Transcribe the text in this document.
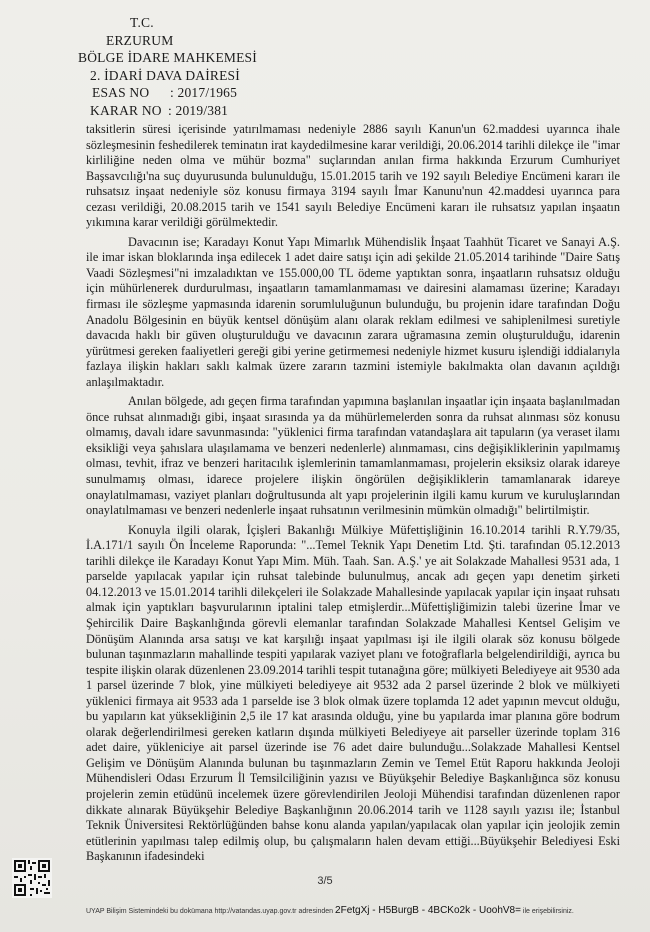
T.C.
ERZURUM
BÖLGE İDARE MAHKEMESİ
2. İDARİ DAVA DAİRESİ
ESAS NO : 2017/1965
KARAR NO : 2019/381

taksitlerin süresi içerisinde yatırılmaması nedeniyle 2886 sayılı Kanun'un 62.maddesi uyarınca ihale sözleşmesinin feshedilerek teminatın irat kaydedilmesine karar verildiği, 20.06.2014 tarihli dilekçe ile "imar kirliliğine neden olma ve mühür bozma" suçlarından anılan firma hakkında Erzurum Cumhuriyet Başsavcılığı'na suç duyurusunda bulunulduğu, 15.01.2015 tarih ve 192 sayılı Belediye Encümeni kararı ile ruhsatsız inşaat nedeniyle söz konusu firmaya 3194 sayılı İmar Kanunu'nun 42.maddesi uyarınca para cezası verildiği, 20.08.2015 tarih ve 1541 sayılı Belediye Encümeni kararı ile ruhsatsız yapılan inşaatın yıkımına karar verildiği görülmektedir.

Davacının ise; Karadayı Konut Yapı Mimarlık Mühendislik İnşaat Taahhüt Ticaret ve Sanayi A.Ş. ile imar iskan bloklarında inşa edilecek 1 adet daire satışı için adi şekilde 21.05.2014 tarihinde "Daire Satış Vaadi Sözleşmesi"ni imzaladıktan ve 155.000,00 TL ödeme yaptıktan sonra, inşaatların ruhsatsız olduğu için mühürlenerek durdurulması, inşaatların tamamlanmaması ve dairesini alamaması üzerine; Karadayı firması ile sözleşme yapmasında idarenin sorumluluğunun bulunduğu, bu projenin idare tarafından Doğu Anadolu Bölgesinin en büyük kentsel dönüşüm alanı olarak reklam edilmesi ve sahiplenilmesi suretiyle davacıda haklı bir güven oluşturulduğu ve davacının zarara uğramasına zemin oluşturulduğu, idarenin yürütmesi gereken faaliyetleri gereği gibi yerine getirmemesi nedeniyle hizmet kusuru işlendiği iddialarıyla fazlaya ilişkin hakları saklı kalmak üzere zararın tazmini istemiyle bakılmakta olan davanın açıldığı anlaşılmaktadır.

Anılan bölgede, adı geçen firma tarafından yapımına başlanılan inşaatlar için inşaata başlanılmadan önce ruhsat alınmadığı gibi, inşaat sırasında ya da mühürlemelerden sonra da ruhsat alınması söz konusu olmamış, davalı idare savunmasında: "yüklenici firma tarafından vatandaşlara ait tapuların (ya veraset ilamı eksikliği veya şahıslara ulaşılamama ve benzeri nedenlerle) alınmaması, cins değişikliklerinin yapılmamış olması, tevhit, ifraz ve benzeri haritacılık işlemlerinin tamamlanmaması, projelerin eksiksiz olarak idareye sunulmamış olması, idarece projelere ilişkin öngörülen değişikliklerin tamamlanarak idareye onaylatılmaması, vaziyet planları doğrultusunda alt yapı projelerinin ilgili kamu kurum ve kuruluşlarından onaylatılmaması ve benzeri nedenlerle inşaat ruhsatının verilmesinin mümkün olmadığı" belirtilmiştir.

Konuyla ilgili olarak, İçişleri Bakanlığı Mülkiye Müfettişliğinin 16.10.2014 tarihli R.Y.79/35, İ.A.171/1 sayılı Ön İnceleme Raporunda: "...Temel Teknik Yapı Denetim Ltd. Şti. tarafından 05.12.2013 tarihli dilekçe ile Karadayı Konut Yapı Mim. Müh. Taah. San. A.Ş.' ye ait Solakzade Mahallesi 9531 ada, 1 parselde yapılacak yapılar için ruhsat talebinde bulunulmuş, ancak adı geçen yapı denetim şirketi 04.12.2013 ve 15.01.2014 tarihli dilekçeleri ile Solakzade Mahallesinde yapılacak yapılar için inşaat ruhsatı almak için yaptıkları başvurularının iptalini talep etmişlerdir...Müfettişliğimizin talebi üzerine İmar ve Şehircilik Daire Başkanlığında görevli elemanlar tarafından Solakzade Mahallesi Kentsel Gelişim ve Dönüşüm Alanında arsa satışı ve kat karşılığı inşaat yapılması işi ile ilgili olarak söz konusu bölgede bulunan taşınmazların mahallinde tespiti yapılarak vaziyet planı ve fotoğraflarla belgelendirildiği, ayrıca bu tespite ilişkin olarak düzenlenen 23.09.2014 tarihli tespit tutanağına göre; mülkiyeti Belediyeye ait 9530 ada 1 parsel üzerinde 7 blok, yine mülkiyeti belediyeye ait 9532 ada 2 parsel üzerinde 2 blok ve mülkiyeti yüklenici firmaya ait 9533 ada 1 parselde ise 3 blok olmak üzere toplamda 12 adet yapının mevcut olduğu, bu yapıların kat yüksekliğinin 2,5 ile 17 kat arasında olduğu, yine bu yapılarda imar planına göre bodrum olarak değerlendirilmesi gereken katların dışında mülkiyeti Belediyeye ait parseller üzerinde toplam 316 adet daire, yükleniciye ait parsel üzerinde ise 76 adet daire bulunduğu...Solakzade Mahallesi Kentsel Gelişim ve Dönüşüm Alanında bulunan bu taşınmazların Zemin ve Temel Etüt Raporu hakkında Jeoloji Mühendisleri Odası Erzurum İl Temsilciliğinin yazısı ve Büyükşehir Belediye Başkanlığınca söz konusu projelerin zemin etüdünü incelemek üzere görevlendirilen Jeoloji Mühendisi tarafından düzenlenen rapor dikkate alınarak Büyükşehir Belediye Başkanlığının 20.06.2014 tarih ve 1128 sayılı yazısı ile; İstanbul Teknik Üniversitesi Rektörlüğünden bahse konu alanda yapılan/yapılacak olan yapılar için jeolojik zemin etütlerinin yapılması talep edilmiş olup, bu çalışmaların halen devam ettiği...Büyükşehir Belediyesi Eski Başkanının ifadesindeki

3/5
UYAP Bilişim Sistemindeki bu dokümana http://vatandas.uyap.gov.tr adresinden 2FetgXj - H5BurgB - 4BCKo2k - UoohV8= ile erişebilirsiniz.
